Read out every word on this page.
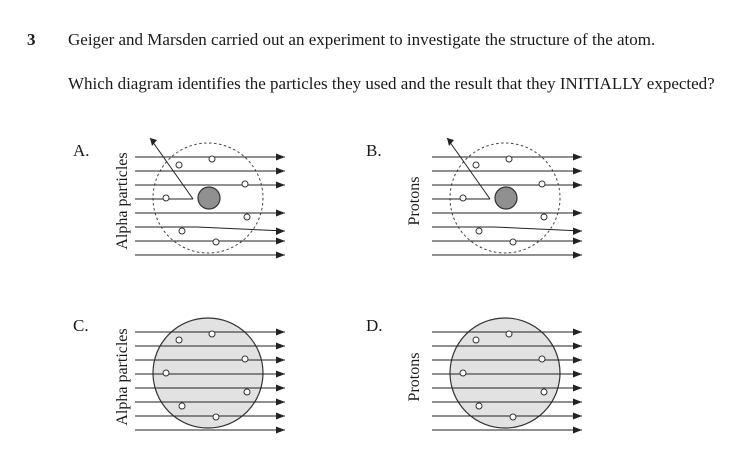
3 Geiger and Marsden carried out an experiment to investigate the structure of the atom.
Which diagram identifies the particles they used and the result that they INITIALLY expected?
A.
Alpha particles
B.
Protons
C.
Alpha particles
D.
Protons
